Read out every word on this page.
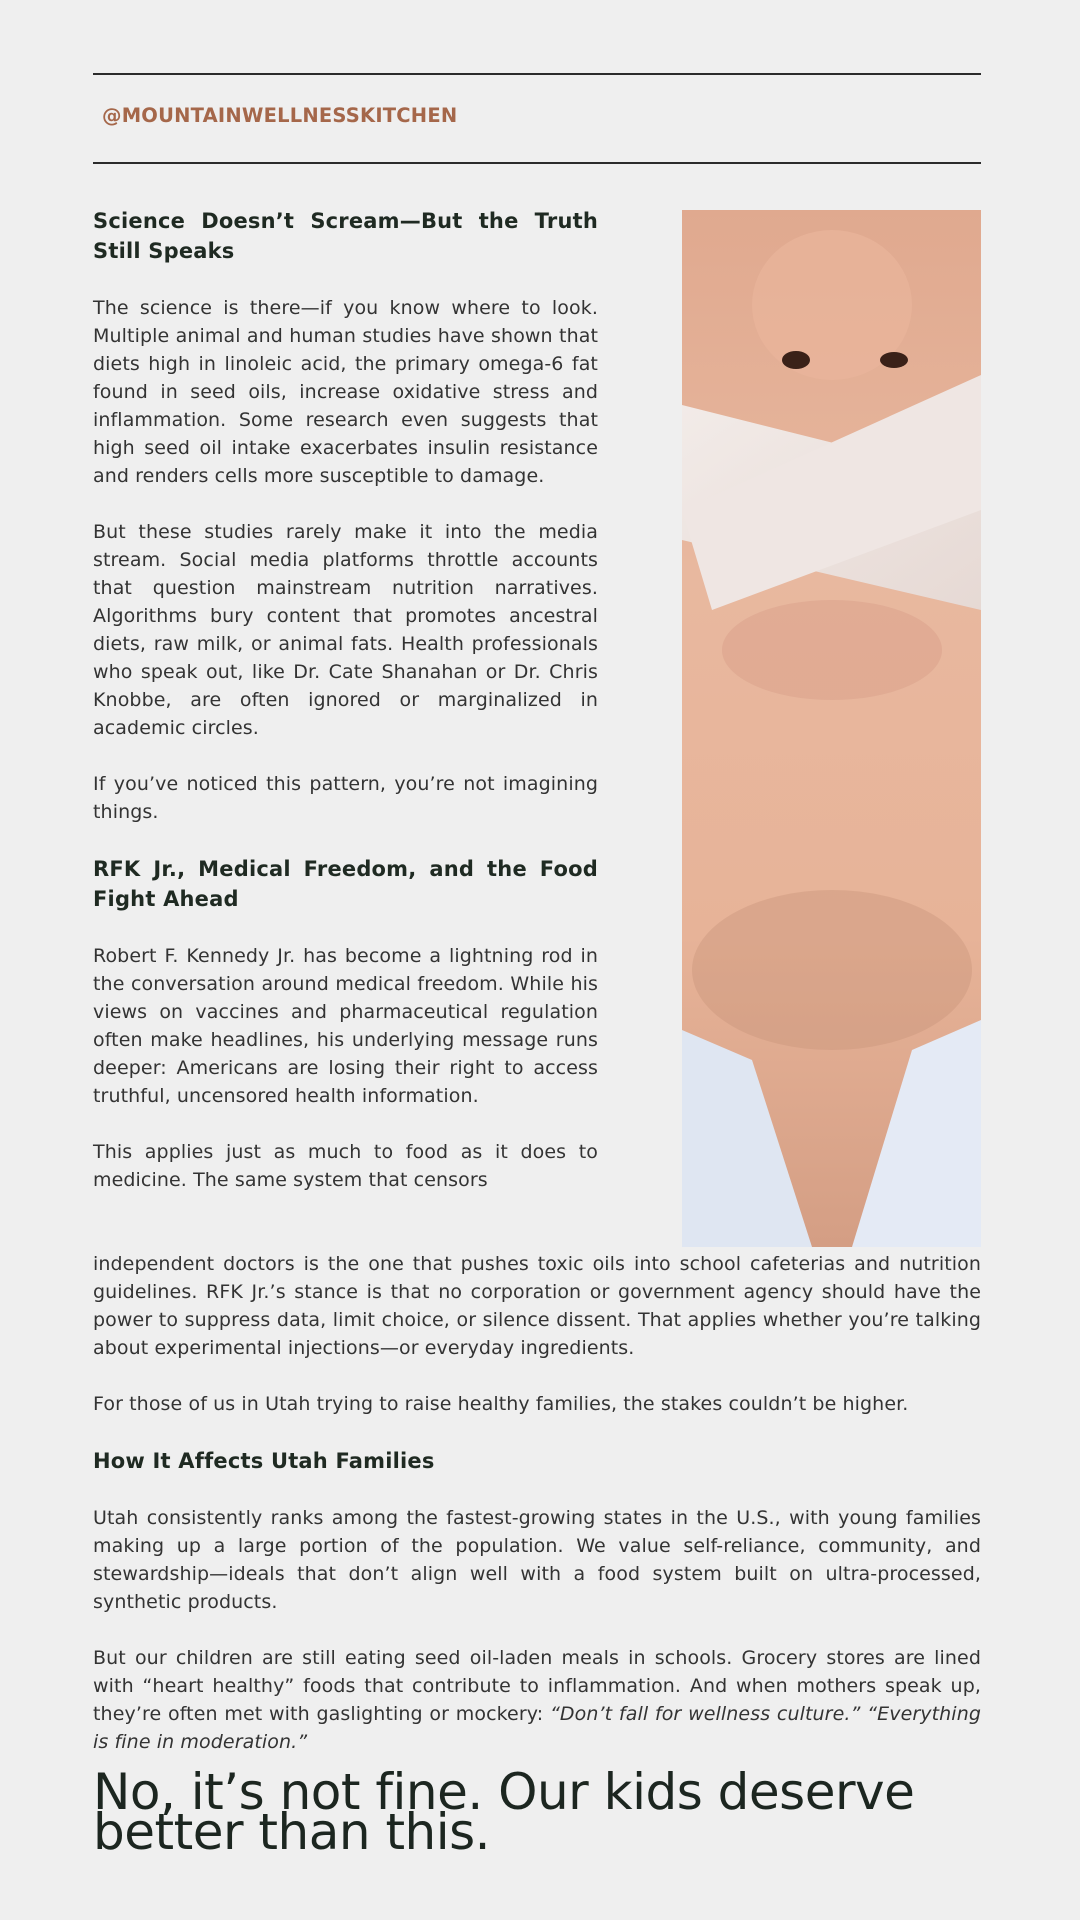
@MOUNTAINWELLNESSKITCHEN
Science Doesn’t Scream—But the Truth Still Speaks

The science is there—if you know where to look. Multiple animal and human studies have shown that diets high in linoleic acid, the primary omega-6 fat found in seed oils, increase oxidative stress and inflammation. Some research even suggests that high seed oil intake exacerbates insulin resistance and renders cells more susceptible to damage.

But these studies rarely make it into the media stream. Social media platforms throttle accounts that question mainstream nutrition narratives. Algorithms bury content that promotes ancestral diets, raw milk, or animal fats. Health professionals who speak out, like Dr. Cate Shanahan or Dr. Chris Knobbe, are often ignored or marginalized in academic circles.

If you’ve noticed this pattern, you’re not imagining things.

RFK Jr., Medical Freedom, and the Food Fight Ahead

Robert F. Kennedy Jr. has become a lightning rod in the conversation around medical freedom. While his views on vaccines and pharmaceutical regulation often make headlines, his underlying message runs deeper: Americans are losing their right to access truthful, uncensored health information.

This applies just as much to food as it does to medicine. The same system that censors

independent doctors is the one that pushes toxic oils into school cafeterias and nutrition guidelines. RFK Jr.’s stance is that no corporation or government agency should have the power to suppress data, limit choice, or silence dissent. That applies whether you’re talking about experimental injections—or everyday ingredients.

For those of us in Utah trying to raise healthy families, the stakes couldn’t be higher.

How It Affects Utah Families

Utah consistently ranks among the fastest-growing states in the U.S., with young families making up a large portion of the population. We value self-reliance, community, and stewardship—ideals that don’t align well with a food system built on ultra-processed, synthetic products.

But our children are still eating seed oil-laden meals in schools. Grocery stores are lined with “heart healthy” foods that contribute to inflammation. And when mothers speak up, they’re often met with gaslighting or mockery: “Don’t fall for wellness culture.” “Everything is fine in moderation.”

No, it’s not fine. Our kids deserve better than this.
